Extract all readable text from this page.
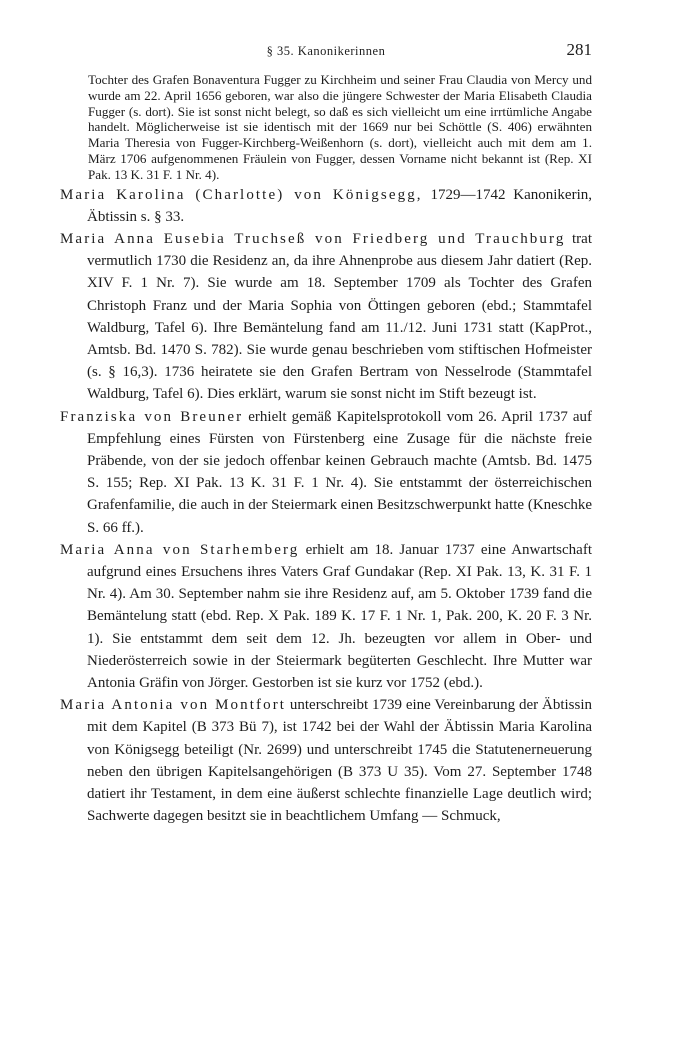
§ 35. Kanonikerinnen	281

Tochter des Grafen Bonaventura Fugger zu Kirchheim und seiner Frau Claudia von Mercy und wurde am 22. April 1656 geboren, war also die jüngere Schwester der Maria Elisabeth Claudia Fugger (s. dort). Sie ist sonst nicht belegt, so daß es sich vielleicht um eine irrtümliche Angabe handelt. Möglicherweise ist sie identisch mit der 1669 nur bei Schöttle (S. 406) erwähnten Maria Theresia von Fugger-Kirchberg-Weißenhorn (s. dort), vielleicht auch mit dem am 1. März 1706 aufgenommenen Fräulein von Fugger, dessen Vorname nicht bekannt ist (Rep. XI Pak. 13 K. 31 F. 1 Nr. 4).

Maria Karolina (Charlotte) von Königsegg, 1729—1742 Kanonikerin, Äbtissin s. § 33.

Maria Anna Eusebia Truchseß von Friedberg und Trauchburg trat vermutlich 1730 die Residenz an, da ihre Ahnenprobe aus diesem Jahr datiert (Rep. XIV F. 1 Nr. 7). Sie wurde am 18. September 1709 als Tochter des Grafen Christoph Franz und der Maria Sophia von Öttingen geboren (ebd.; Stammtafel Waldburg, Tafel 6). Ihre Bemäntelung fand am 11./12. Juni 1731 statt (KapProt., Amtsb. Bd. 1470 S. 782). Sie wurde genau beschrieben vom stiftischen Hofmeister (s. § 16,3). 1736 heiratete sie den Grafen Bertram von Nesselrode (Stammtafel Waldburg, Tafel 6). Dies erklärt, warum sie sonst nicht im Stift bezeugt ist.

Franziska von Breuner erhielt gemäß Kapitelsprotokoll vom 26. April 1737 auf Empfehlung eines Fürsten von Fürstenberg eine Zusage für die nächste freie Präbende, von der sie jedoch offenbar keinen Gebrauch machte (Amtsb. Bd. 1475 S. 155; Rep. XI Pak. 13 K. 31 F. 1 Nr. 4). Sie entstammt der österreichischen Grafenfamilie, die auch in der Steiermark einen Besitzschwerpunkt hatte (Kneschke S. 66 ff.).

Maria Anna von Starhemberg erhielt am 18. Januar 1737 eine Anwartschaft aufgrund eines Ersuchens ihres Vaters Graf Gundakar (Rep. XI Pak. 13, K. 31 F. 1 Nr. 4). Am 30. September nahm sie ihre Residenz auf, am 5. Oktober 1739 fand die Bemäntelung statt (ebd. Rep. X Pak. 189 K. 17 F. 1 Nr. 1, Pak. 200, K. 20 F. 3 Nr. 1). Sie entstammt dem seit dem 12. Jh. bezeugten vor allem in Ober- und Niederösterreich sowie in der Steiermark begüterten Geschlecht. Ihre Mutter war Antonia Gräfin von Jörger. Gestorben ist sie kurz vor 1752 (ebd.).

Maria Antonia von Montfort unterschreibt 1739 eine Vereinbarung der Äbtissin mit dem Kapitel (B 373 Bü 7), ist 1742 bei der Wahl der Äbtissin Maria Karolina von Königsegg beteiligt (Nr. 2699) und unterschreibt 1745 die Statutenerneuerung neben den übrigen Kapitelsangehörigen (B 373 U 35). Vom 27. September 1748 datiert ihr Testament, in dem eine äußerst schlechte finanzielle Lage deutlich wird; Sachwerte dagegen besitzt sie in beachtlichem Umfang — Schmuck,
